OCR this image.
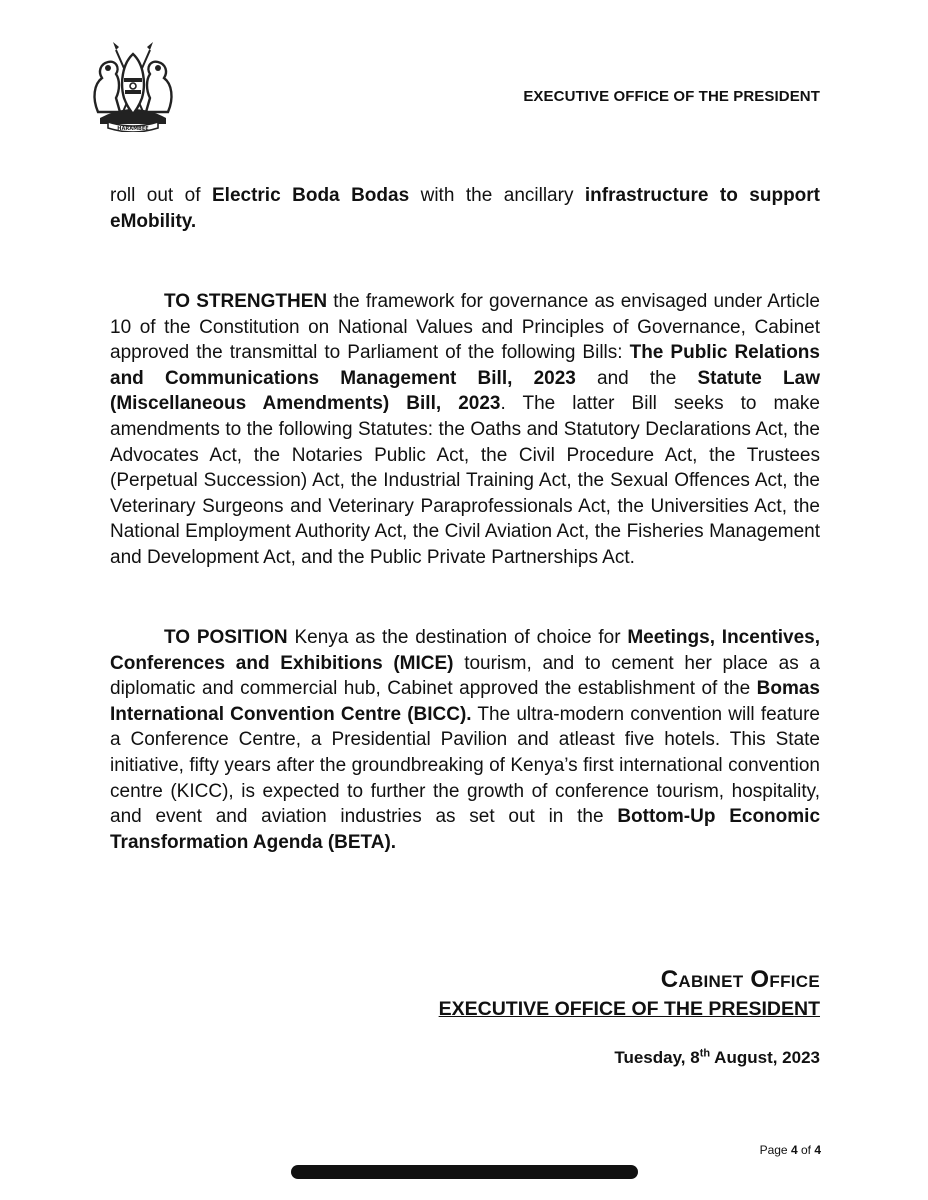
HARAMBEE
EXECUTIVE OFFICE OF THE PRESIDENT

roll out of Electric Boda Bodas with the ancillary infrastructure to support eMobility.

TO STRENGTHEN the framework for governance as envisaged under Article 10 of the Constitution on National Values and Principles of Governance, Cabinet approved the transmittal to Parliament of the following Bills: The Public Relations and Communications Management Bill, 2023 and the Statute Law (Miscellaneous Amendments) Bill, 2023. The latter Bill seeks to make amendments to the following Statutes: the Oaths and Statutory Declarations Act, the Advocates Act, the Notaries Public Act, the Civil Procedure Act, the Trustees (Perpetual Succession) Act, the Industrial Training Act, the Sexual Offences Act, the Veterinary Surgeons and Veterinary Paraprofessionals Act, the Universities Act, the National Employment Authority Act, the Civil Aviation Act, the Fisheries Management and Development Act, and the Public Private Partnerships Act.

TO POSITION Kenya as the destination of choice for Meetings, Incentives, Conferences and Exhibitions (MICE) tourism, and to cement her place as a diplomatic and commercial hub, Cabinet approved the establishment of the Bomas International Convention Centre (BICC). The ultra-modern convention will feature a Conference Centre, a Presidential Pavilion and atleast five hotels. This State initiative, fifty years after the groundbreaking of Kenya’s first international convention centre (KICC), is expected to further the growth of conference tourism, hospitality, and event and aviation industries as set out in the Bottom-Up Economic Transformation Agenda (BETA).

Cabinet Office
EXECUTIVE OFFICE OF THE PRESIDENT
Tuesday, 8th August, 2023
Page 4 of 4
